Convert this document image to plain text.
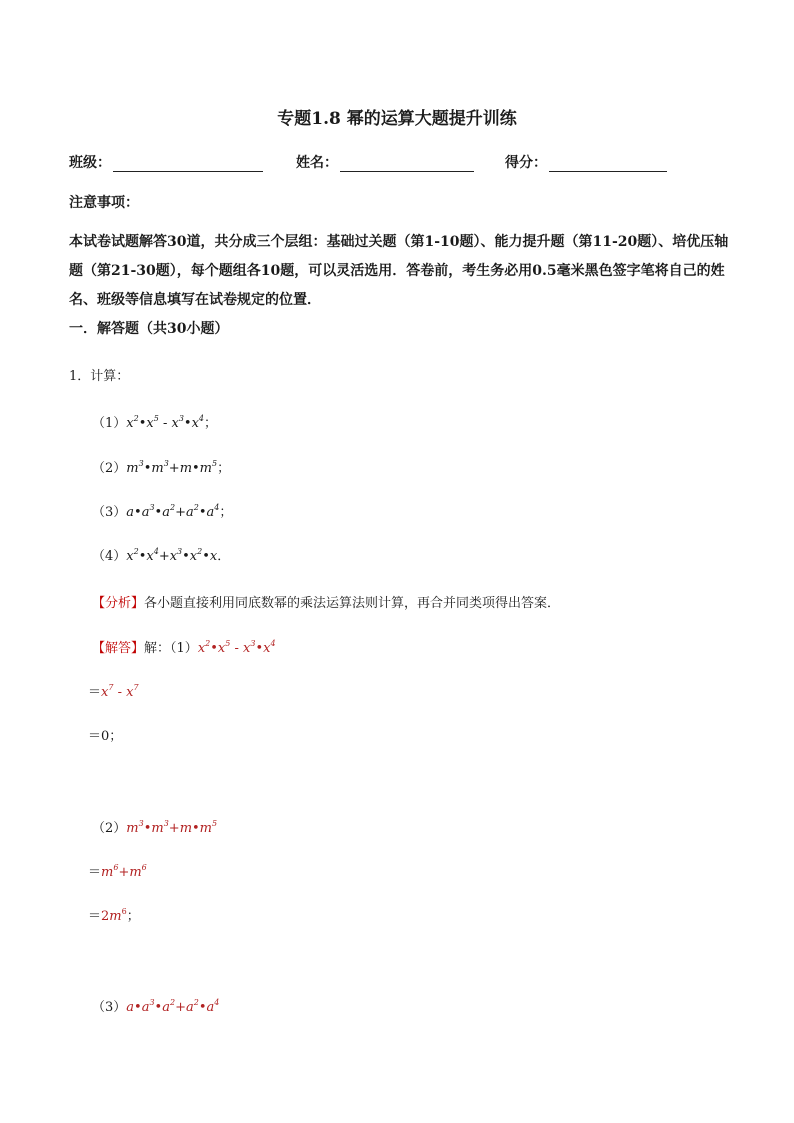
专题1.8 幂的运算大题提升训练
班级：	姓名：	得分：
注意事项：
本试卷试题解答30道，共分成三个层组：基础过关题（第1-10题）、能力提升题（第11-20题）、培优压轴题（第21-30题），每个题组各10题，可以灵活选用．答卷前，考生务必用0.5毫米黑色签字笔将自己的姓名、班级等信息填写在试卷规定的位置．
一．解答题（共30小题）
1．计算：
$(1)x^2•x^5$ - $x^3•x^4$；
$(2)m^3•m^3+m•m^5$；
$(3)a•a^3•a^2+a^2•a^4$；
$(4)x^2•x^4+x^3•x^2•x$．
【分析】各小题直接利用同底数幂的乘法运算法则计算，再合并同类项得出答案．
【解答】解：$(1)x^2•x^5$ - $x^3•x^4$
$=x^7 - x^7$
＝0；
$(2)m^3•m^3+m•m^5$
$=m^6+m^6$
$=2m^6$；
$(3)a•a^3•a^2+a^2•a^4$
